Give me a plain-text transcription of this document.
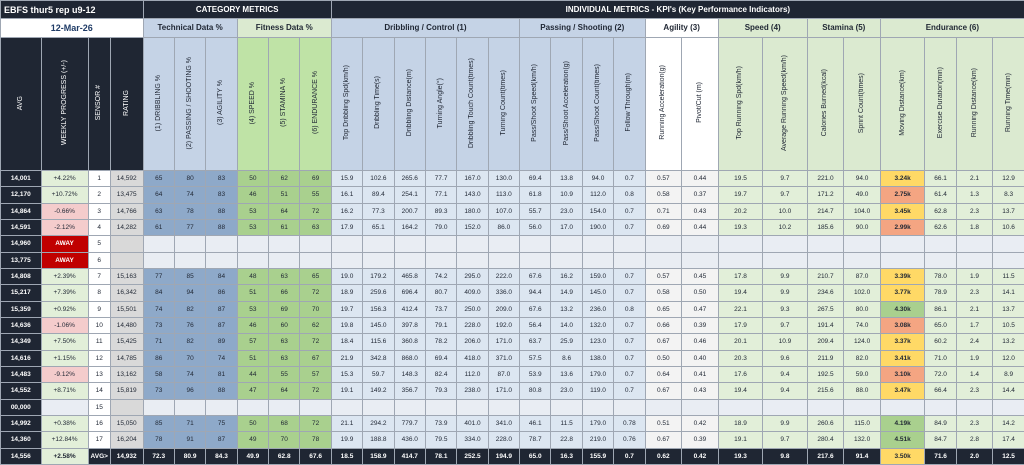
EBFS thur5 rep u9-12				CATEGORY METRICS						INDIVIDUAL METRICS - KPI's (Key Performance Indicators)																			
12-Mar-26				Technical Data %			Fitness Data %			Dribbling / Control (1)						Passing / Shooting (2)				Agility (3)		Speed (4)		Stamina (5)		Endurance (6)			
AVG	WEEKLY PROGRESS (+/-)	SENSOR #	RATING	(1) DRIBBLING %	(2) PASSING / SHOOTING %	(3) AGILITY %	(4) SPEED %	(5) STAMINA %	(6) ENDURANCE %	Top Dribbling Spd(km/h)	Dribbling Time(s)	Dribbling Distance(m)	Turning Angle(°)	Dribbling Touch Count(times)	Turning Count(times)	Pass/Shoot Speed(km/h)	Pass/Shoot Acceleration(g)	Pass/Shoot Count(times)	Follow Through(m)	Running Acceleration(g)	Pivot/Cut (m)	Top Running Spd(km/h)	Average Running Speed(km/h)	Calories Burned(kcal)	Sprint Count(times)	Moving Distance(km)	Exercise Duration(min)	Running Distance(km)	Running Time(min)
14,001	+4.22%	1	14,592	65	80	83	50	62	69	15.9	102.6	265.6	77.7	167.0	130.0	69.4	13.8	94.0	0.7	0.57	0.44	19.5	9.7	221.0	94.0	3.24k	66.1	2.1	12.9
12,170	+10.72%	2	13,475	64	74	83	46	51	55	16.1	89.4	254.1	77.1	143.0	113.0	61.8	10.9	112.0	0.8	0.58	0.37	19.7	9.7	171.2	49.0	2.75k	61.4	1.3	8.3
14,864	-0.66%	3	14,766	63	78	88	53	64	72	16.2	77.3	200.7	89.3	180.0	107.0	55.7	23.0	154.0	0.7	0.71	0.43	20.2	10.0	214.7	104.0	3.45k	62.8	2.3	13.7
14,591	-2.12%	4	14,282	61	77	88	53	61	63	17.9	65.1	164.2	79.0	152.0	86.0	56.0	17.0	190.0	0.7	0.69	0.44	19.3	10.2	185.6	90.0	2.99k	62.6	1.8	10.6
14,960	AWAY	5																											
13,775	AWAY	6																											
14,808	+2.39%	7	15,163	77	85	84	48	63	65	19.0	179.2	465.8	74.2	295.0	222.0	67.6	16.2	159.0	0.7	0.57	0.45	17.8	9.9	210.7	87.0	3.39k	78.0	1.9	11.5
15,217	+7.39%	8	16,342	84	94	86	51	66	72	18.9	259.6	696.4	80.7	409.0	336.0	94.4	14.9	145.0	0.7	0.58	0.50	19.4	9.9	234.6	102.0	3.77k	78.9	2.3	14.1
15,359	+0.92%	9	15,501	74	82	87	53	69	70	19.7	156.3	412.4	73.7	250.0	209.0	67.6	13.2	236.0	0.8	0.65	0.47	22.1	9.3	267.5	80.0	4.30k	86.1	2.1	13.7
14,636	-1.06%	10	14,480	73	76	87	46	60	62	19.8	145.0	397.8	79.1	228.0	192.0	56.4	14.0	132.0	0.7	0.66	0.39	17.9	9.7	191.4	74.0	3.08k	65.0	1.7	10.5
14,349	+7.50%	11	15,425	71	82	89	57	63	72	18.4	115.6	360.8	78.2	206.0	171.0	63.7	25.9	123.0	0.7	0.67	0.46	20.1	10.9	209.4	124.0	3.37k	60.2	2.4	13.2
14,616	+1.15%	12	14,785	86	70	74	51	63	67	21.9	342.8	868.0	69.4	418.0	371.0	57.5	8.6	138.0	0.7	0.50	0.40	20.3	9.6	211.9	82.0	3.41k	71.0	1.9	12.0
14,483	-9.12%	13	13,162	58	74	81	44	55	57	15.3	59.7	148.3	82.4	112.0	87.0	53.9	13.6	179.0	0.7	0.64	0.41	17.6	9.4	192.5	59.0	3.10k	72.0	1.4	8.9
14,552	+8.71%	14	15,819	73	96	88	47	64	72	19.1	149.2	356.7	79.3	238.0	171.0	80.8	23.0	119.0	0.7	0.67	0.43	19.4	9.4	215.6	88.0	3.47k	66.4	2.3	14.4
00,000		15																											
14,992	+0.38%	16	15,050	85	71	75	50	68	72	21.1	294.2	779.7	73.9	401.0	341.0	46.1	11.5	179.0	0.78	0.51	0.42	18.9	9.9	260.6	115.0	4.19k	84.9	2.3	14.2
14,360	+12.84%	17	16,204	78	91	87	49	70	78	19.9	188.8	436.0	79.5	334.0	228.0	78.7	22.8	219.0	0.76	0.67	0.39	19.1	9.7	280.4	132.0	4.51k	84.7	2.8	17.4
14,556	+2.58%	AVG>	14,932	72.3	80.9	84.3	49.9	62.8	67.6	18.5	158.9	414.7	78.1	252.5	194.9	65.0	16.3	155.9	0.7	0.62	0.42	19.3	9.8	217.6	91.4	3.50k	71.6	2.0	12.5
